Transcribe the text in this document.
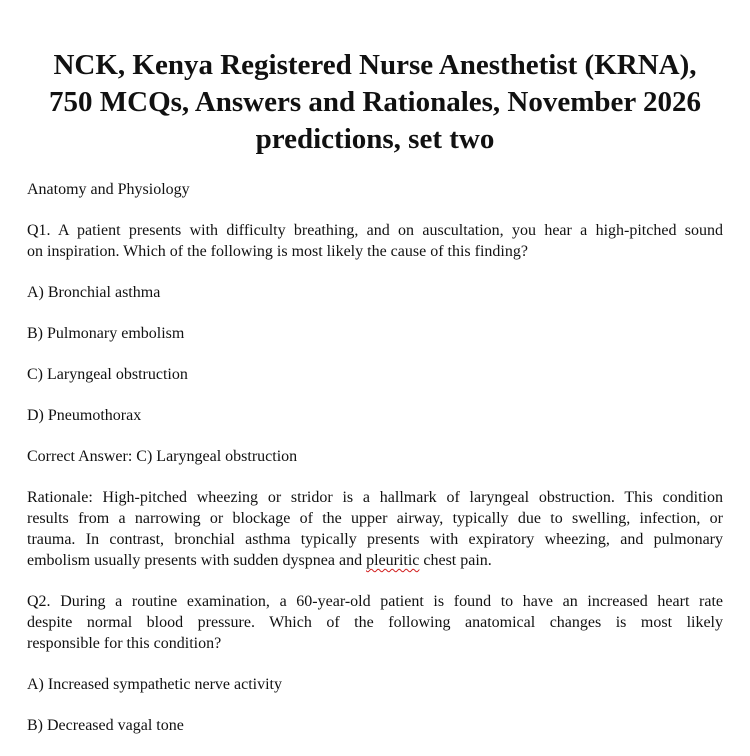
NCK, Kenya Registered Nurse Anesthetist (KRNA),
750 MCQs, Answers and Rationales, November 2026
predictions, set two

Anatomy and Physiology

Q1. A patient presents with difficulty breathing, and on auscultation, you hear a high-pitched sound
on inspiration. Which of the following is most likely the cause of this finding?

A) Bronchial asthma

B) Pulmonary embolism

C) Laryngeal obstruction

D) Pneumothorax

Correct Answer: C) Laryngeal obstruction

Rationale: High-pitched wheezing or stridor is a hallmark of laryngeal obstruction. This condition
results from a narrowing or blockage of the upper airway, typically due to swelling, infection, or
trauma. In contrast, bronchial asthma typically presents with expiratory wheezing, and pulmonary
embolism usually presents with sudden dyspnea and pleuritic chest pain.

Q2. During a routine examination, a 60-year-old patient is found to have an increased heart rate
despite normal blood pressure. Which of the following anatomical changes is most likely
responsible for this condition?

A) Increased sympathetic nerve activity

B) Decreased vagal tone
